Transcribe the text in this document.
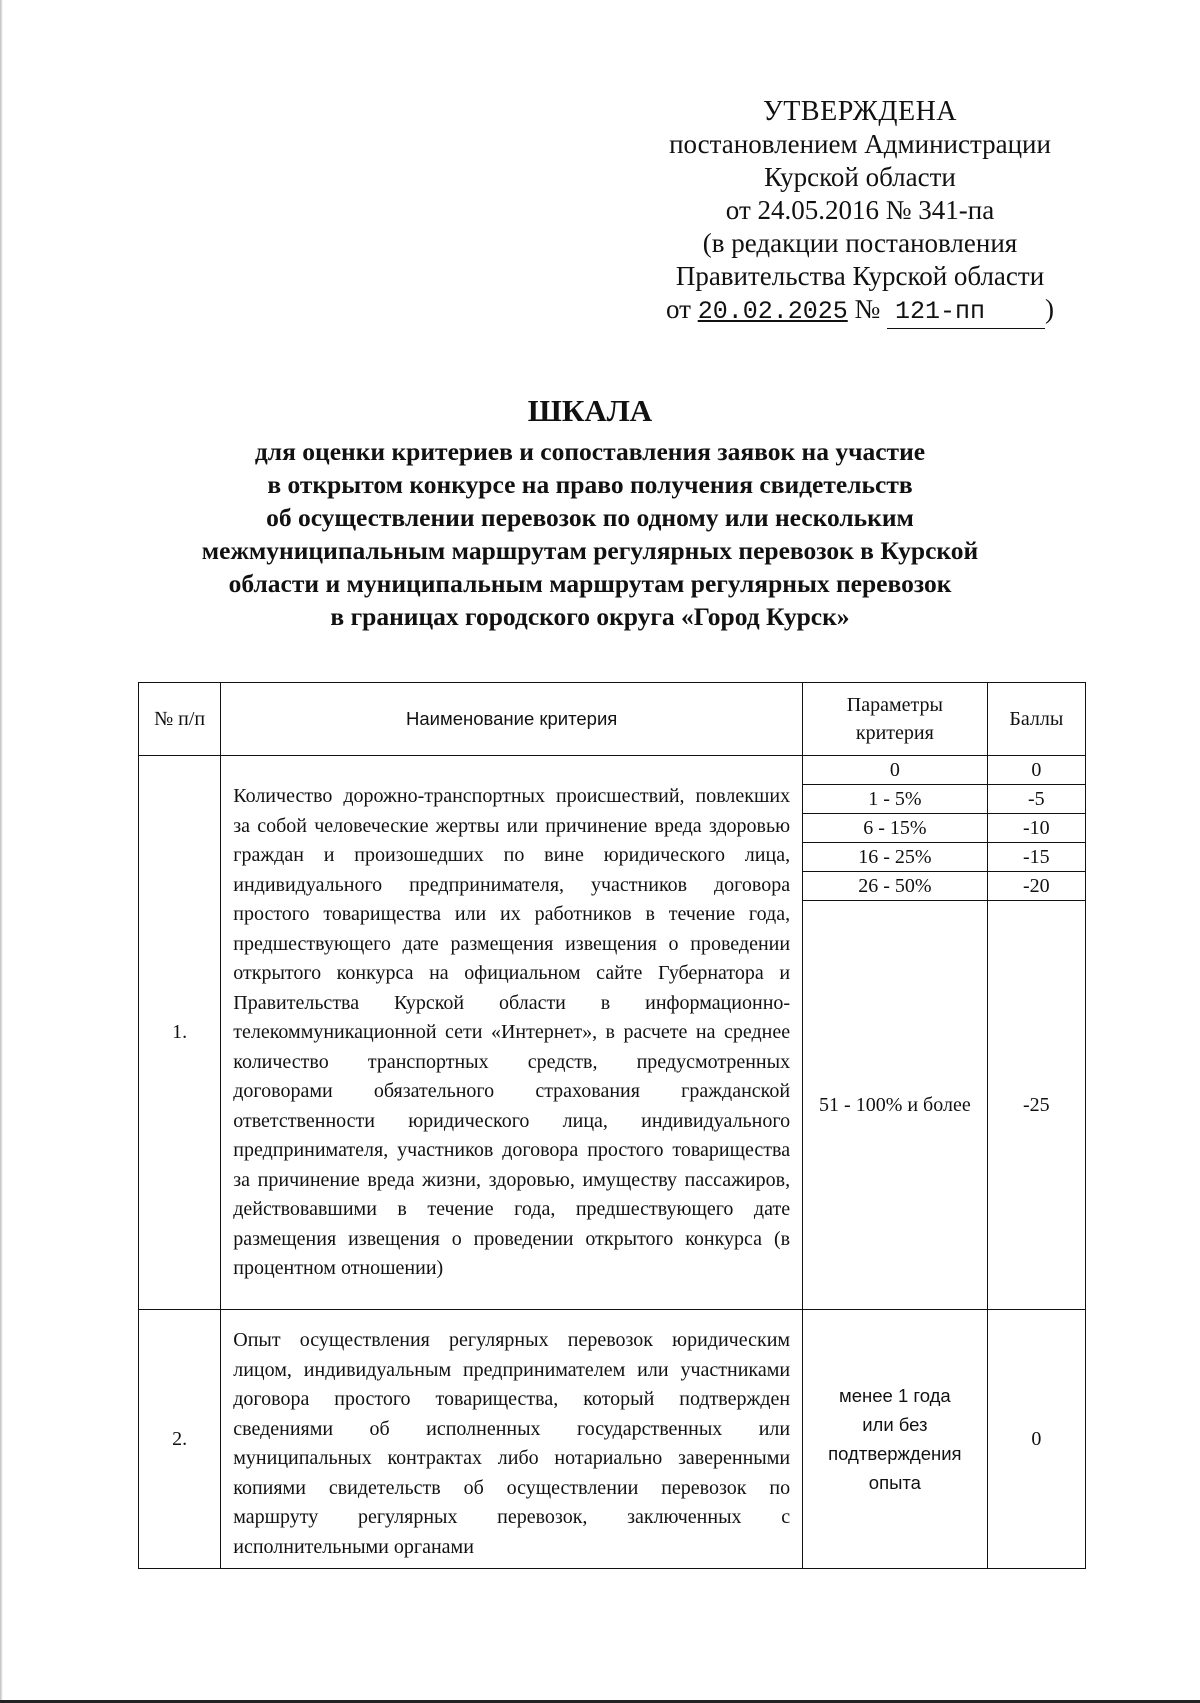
УТВЕРЖДЕНА
постановлением Администрации
Курской области
от 24.05.2016 № 341-па
(в редакции постановления
Правительства Курской области
от 20.02.2025 № 121-пп )
ШКАЛА
для оценки критериев и сопоставления заявок на участие
в открытом конкурсе на право получения свидетельств
об осуществлении перевозок по одному или нескольким
межмуниципальным маршрутам регулярных перевозок в Курской
области и муниципальным маршрутам регулярных перевозок
в границах городского округа «Город Курск»
№ п/п	Наименование критерия	Параметры критерия	Баллы
1.	Количество дорожно-транспортных происшествий, повлекших за собой человеческие жертвы или причинение вреда здоровью граждан и произошедших по вине юридического лица, индивидуального предпринимателя, участников договора простого товарищества или их работников в течение года, предшествующего дате размещения извещения о проведении открытого конкурса на официальном сайте Губернатора и Правительства Курской области в информационно-телекоммуникационной сети «Интернет», в расчете на среднее количество транспортных средств, предусмотренных договорами обязательного страхования гражданской ответственности юридического лица, индивидуального предпринимателя, участников договора простого товарищества за причинение вреда жизни, здоровью, имуществу пассажиров, действовавшими в течение года, предшествующего дате размещения извещения о проведении открытого конкурса (в процентном отношении)	0	0
		1 - 5%	-5
		6 - 15%	-10
		16 - 25%	-15
		26 - 50%	-20
		51 - 100% и более	-25
2.	Опыт осуществления регулярных перевозок юридическим лицом, индивидуальным предпринимателем или участниками договора простого товарищества, который подтвержден сведениями об исполненных государственных или муниципальных контрактах либо нотариально заверенными копиями свидетельств об осуществлении перевозок по маршруту регулярных перевозок, заключенных с исполнительными органами	менее 1 года или без подтверждения опыта	0
